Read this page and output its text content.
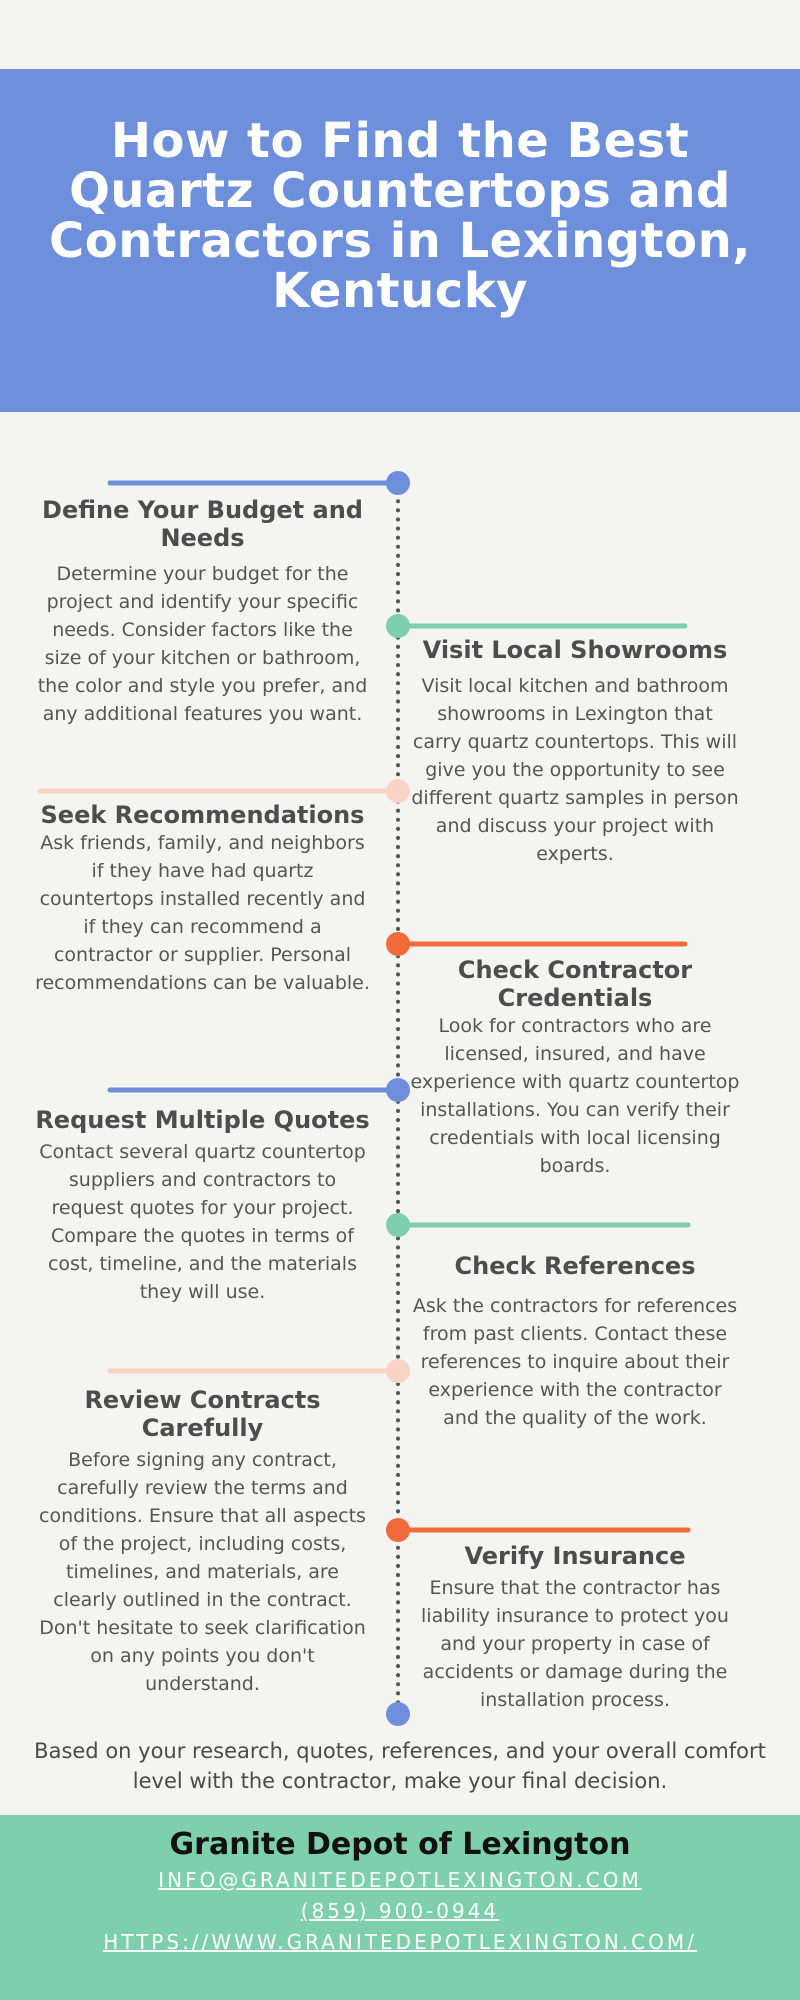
How to Find the Best Quartz Countertops and Contractors in Lexington, Kentucky
Define Your Budget and Needs

Determine your budget for the project and identify your specific needs. Consider factors like the size of your kitchen or bathroom, the color and style you prefer, and any additional features you want.

Visit Local Showrooms

Visit local kitchen and bathroom showrooms in Lexington that carry quartz countertops. This will give you the opportunity to see different quartz samples in person and discuss your project with experts.

Seek Recommendations

Ask friends, family, and neighbors if they have had quartz countertops installed recently and if they can recommend a contractor or supplier. Personal recommendations can be valuable.	Check Contractor Credentials

Look for contractors who are licensed, insured, and have experience with quartz countertop installations. You can verify their credentials with local licensing boards.

Request Multiple Quotes

Contact several quartz countertop suppliers and contractors to request quotes for your project. Compare the quotes in terms of cost, timeline, and the materials they will use.

Check References

Ask the contractors for references from past clients. Contact these references to inquire about their experience with the contractor and the quality of the work.

Review Contracts Carefully

Before signing any contract, carefully review the terms and conditions. Ensure that all aspects of the project, including costs, timelines, and materials, are clearly outlined in the contract. Don't hesitate to seek clarification on any points you don't understand.

Verify Insurance

Ensure that the contractor has liability insurance to protect you and your property in case of accidents or damage during the installation process.

Based on your research, quotes, references, and your overall comfort level with the contractor, make your final decision.
Granite Depot of Lexington
INFO@GRANITEDEPOTLEXINGTON.COM
(859) 900-0944
HTTPS://WWW.GRANITEDEPOTLEXINGTON.COM/
